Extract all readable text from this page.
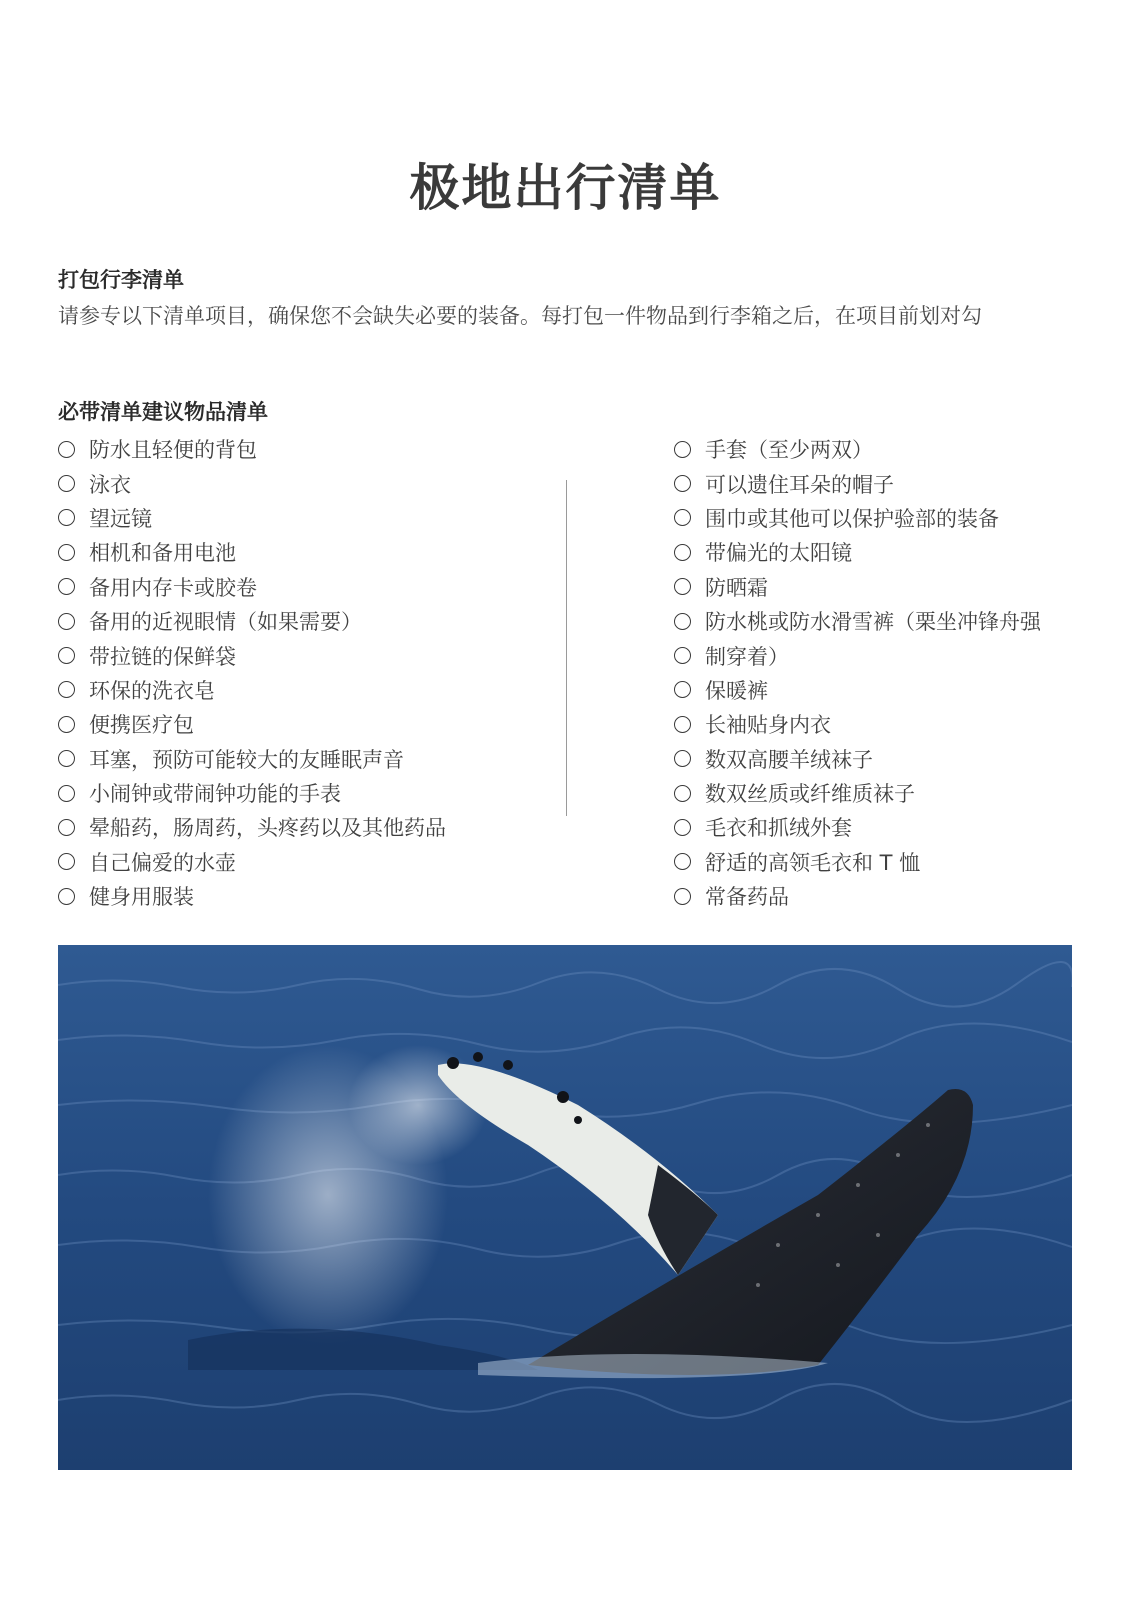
极地出行清单
打包行李清单

请参专以下清单项目，确保您不会缺失必要的装备。每打包一件物品到行李箱之后，在项目前划对勾

必带清单建议物品清单
防水且轻便的背包
泳衣
望远镜
相机和备用电池
备用内存卡或胶卷
备用的近视眼情（如果需要）
带拉链的保鲜袋
环保的洗衣皂
便携医疗包
耳塞，预防可能较大的友睡眠声音
小闹钟或带闹钟功能的手表
晕船药，肠周药，头疼药以及其他药品
自己偏爱的水壶
健身用服装
手套（至少两双）
可以遗住耳朵的帽子
围巾或其他可以保护验部的装备
带偏光的太阳镜
防晒霜
防水桃或防水滑雪裤（栗坐冲锋舟强
制穿着）
保暖裤
长袖贴身内衣
数双高腰羊绒袜子
数双丝质或纤维质袜子
毛衣和抓绒外套
舒适的高领毛衣和 T 恤
常备药品
